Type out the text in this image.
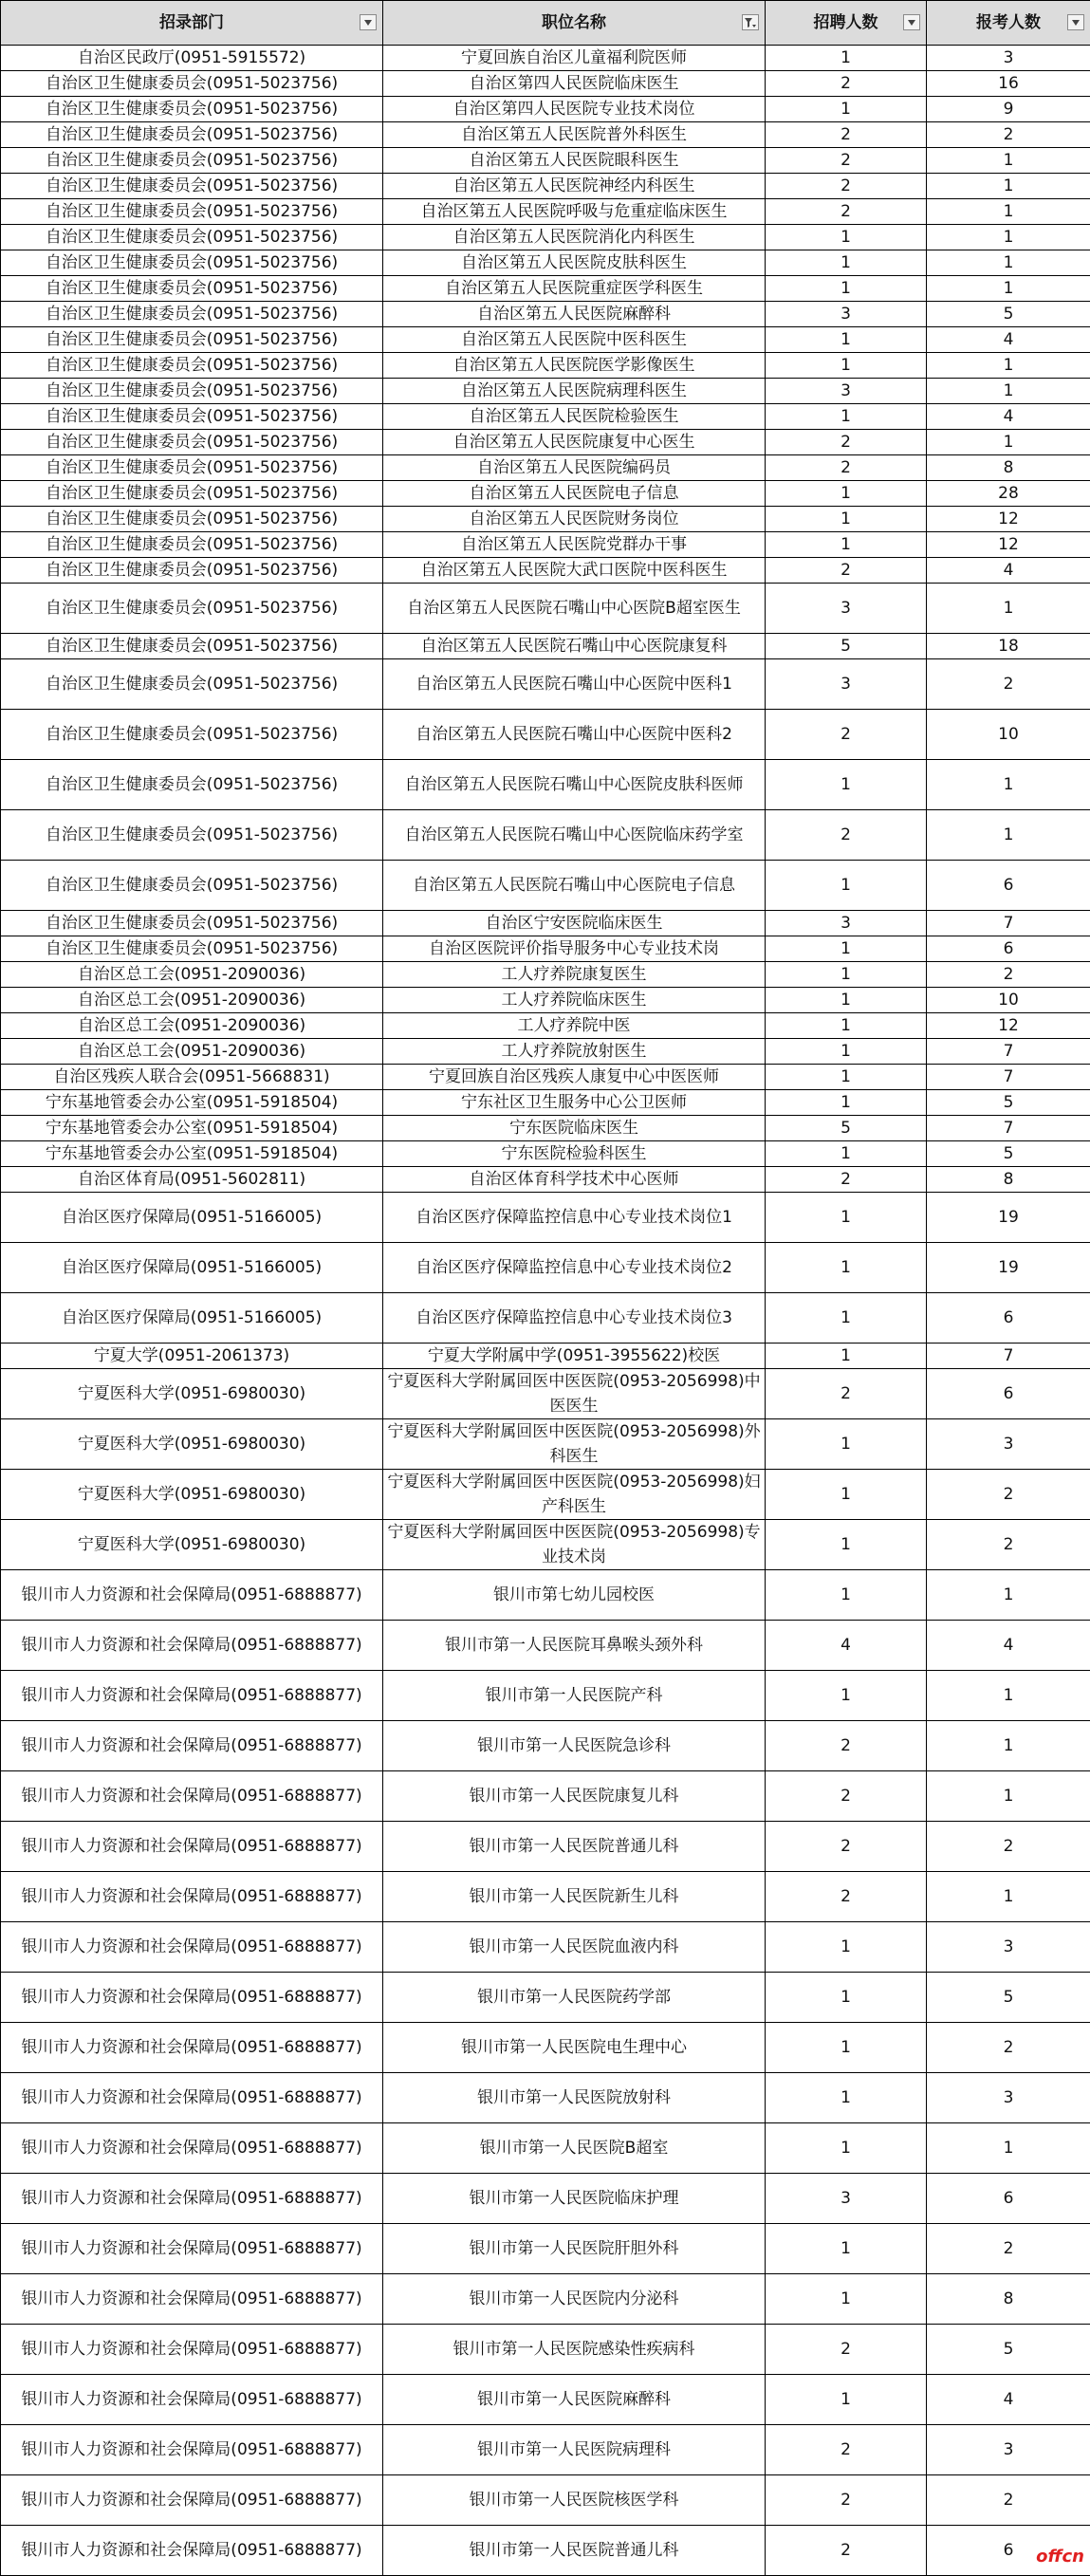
招录部门	职位名称	招聘人数	报考人数

自治区民政厅(0951-5915572)	宁夏回族自治区儿童福利院医师	1	3
自治区卫生健康委员会(0951-5023756)	自治区第四人民医院临床医生	2	16
自治区卫生健康委员会(0951-5023756)	自治区第四人民医院专业技术岗位	1	9
自治区卫生健康委员会(0951-5023756)	自治区第五人民医院普外科医生	2	2
自治区卫生健康委员会(0951-5023756)	自治区第五人民医院眼科医生	2	1
自治区卫生健康委员会(0951-5023756)	自治区第五人民医院神经内科医生	2	1
自治区卫生健康委员会(0951-5023756)	自治区第五人民医院呼吸与危重症临床医生	2	1
自治区卫生健康委员会(0951-5023756)	自治区第五人民医院消化内科医生	1	1
自治区卫生健康委员会(0951-5023756)	自治区第五人民医院皮肤科医生	1	1
自治区卫生健康委员会(0951-5023756)	自治区第五人民医院重症医学科医生	1	1
自治区卫生健康委员会(0951-5023756)	自治区第五人民医院麻醉科	3	5
自治区卫生健康委员会(0951-5023756)	自治区第五人民医院中医科医生	1	4
自治区卫生健康委员会(0951-5023756)	自治区第五人民医院医学影像医生	1	1
自治区卫生健康委员会(0951-5023756)	自治区第五人民医院病理科医生	3	1
自治区卫生健康委员会(0951-5023756)	自治区第五人民医院检验医生	1	4
自治区卫生健康委员会(0951-5023756)	自治区第五人民医院康复中心医生	2	1
自治区卫生健康委员会(0951-5023756)	自治区第五人民医院编码员	2	8
自治区卫生健康委员会(0951-5023756)	自治区第五人民医院电子信息	1	28
自治区卫生健康委员会(0951-5023756)	自治区第五人民医院财务岗位	1	12
自治区卫生健康委员会(0951-5023756)	自治区第五人民医院党群办干事	1	12
自治区卫生健康委员会(0951-5023756)	自治区第五人民医院大武口医院中医科医生	2	4
自治区卫生健康委员会(0951-5023756)	自治区第五人民医院石嘴山中心医院B超室医生	3	1
自治区卫生健康委员会(0951-5023756)	自治区第五人民医院石嘴山中心医院康复科	5	18
自治区卫生健康委员会(0951-5023756)	自治区第五人民医院石嘴山中心医院中医科1	3	2
自治区卫生健康委员会(0951-5023756)	自治区第五人民医院石嘴山中心医院中医科2	2	10
自治区卫生健康委员会(0951-5023756)	自治区第五人民医院石嘴山中心医院皮肤科医师	1	1
自治区卫生健康委员会(0951-5023756)	自治区第五人民医院石嘴山中心医院临床药学室	2	1
自治区卫生健康委员会(0951-5023756)	自治区第五人民医院石嘴山中心医院电子信息	1	6
自治区卫生健康委员会(0951-5023756)	自治区宁安医院临床医生	3	7
自治区卫生健康委员会(0951-5023756)	自治区医院评价指导服务中心专业技术岗	1	6
自治区总工会(0951-2090036)	工人疗养院康复医生	1	2
自治区总工会(0951-2090036)	工人疗养院临床医生	1	10
自治区总工会(0951-2090036)	工人疗养院中医	1	12
自治区总工会(0951-2090036)	工人疗养院放射医生	1	7
自治区残疾人联合会(0951-5668831)	宁夏回族自治区残疾人康复中心中医医师	1	7
宁东基地管委会办公室(0951-5918504)	宁东社区卫生服务中心公卫医师	1	5
宁东基地管委会办公室(0951-5918504)	宁东医院临床医生	5	7
宁东基地管委会办公室(0951-5918504)	宁东医院检验科医生	1	5
自治区体育局(0951-5602811)	自治区体育科学技术中心医师	2	8
自治区医疗保障局(0951-5166005)	自治区医疗保障监控信息中心专业技术岗位1	1	19
自治区医疗保障局(0951-5166005)	自治区医疗保障监控信息中心专业技术岗位2	1	19
自治区医疗保障局(0951-5166005)	自治区医疗保障监控信息中心专业技术岗位3	1	6
宁夏大学(0951-2061373)	宁夏大学附属中学(0951-3955622)校医	1	7
宁夏医科大学(0951-6980030)	宁夏医科大学附属回医中医医院(0953-2056998)中医医生	2	6
宁夏医科大学(0951-6980030)	宁夏医科大学附属回医中医医院(0953-2056998)外科医生	1	3
宁夏医科大学(0951-6980030)	宁夏医科大学附属回医中医医院(0953-2056998)妇产科医生	1	2
宁夏医科大学(0951-6980030)	宁夏医科大学附属回医中医医院(0953-2056998)专业技术岗	1	2
银川市人力资源和社会保障局(0951-6888877)	银川市第七幼儿园校医	1	1
银川市人力资源和社会保障局(0951-6888877)	银川市第一人民医院耳鼻喉头颈外科	4	4
银川市人力资源和社会保障局(0951-6888877)	银川市第一人民医院产科	1	1
银川市人力资源和社会保障局(0951-6888877)	银川市第一人民医院急诊科	2	1
银川市人力资源和社会保障局(0951-6888877)	银川市第一人民医院康复儿科	2	1
银川市人力资源和社会保障局(0951-6888877)	银川市第一人民医院普通儿科	2	2
银川市人力资源和社会保障局(0951-6888877)	银川市第一人民医院新生儿科	2	1
银川市人力资源和社会保障局(0951-6888877)	银川市第一人民医院血液内科	1	3
银川市人力资源和社会保障局(0951-6888877)	银川市第一人民医院药学部	1	5
银川市人力资源和社会保障局(0951-6888877)	银川市第一人民医院电生理中心	1	2
银川市人力资源和社会保障局(0951-6888877)	银川市第一人民医院放射科	1	3
银川市人力资源和社会保障局(0951-6888877)	银川市第一人民医院B超室	1	1
银川市人力资源和社会保障局(0951-6888877)	银川市第一人民医院临床护理	3	6
银川市人力资源和社会保障局(0951-6888877)	银川市第一人民医院肝胆外科	1	2
银川市人力资源和社会保障局(0951-6888877)	银川市第一人民医院内分泌科	1	8
银川市人力资源和社会保障局(0951-6888877)	银川市第一人民医院感染性疾病科	2	5
银川市人力资源和社会保障局(0951-6888877)	银川市第一人民医院麻醉科	1	4
银川市人力资源和社会保障局(0951-6888877)	银川市第一人民医院病理科	2	3
银川市人力资源和社会保障局(0951-6888877)	银川市第一人民医院核医学科	2	2
银川市人力资源和社会保障局(0951-6888877)	银川市第一人民医院普通儿科	2	6 offcn
